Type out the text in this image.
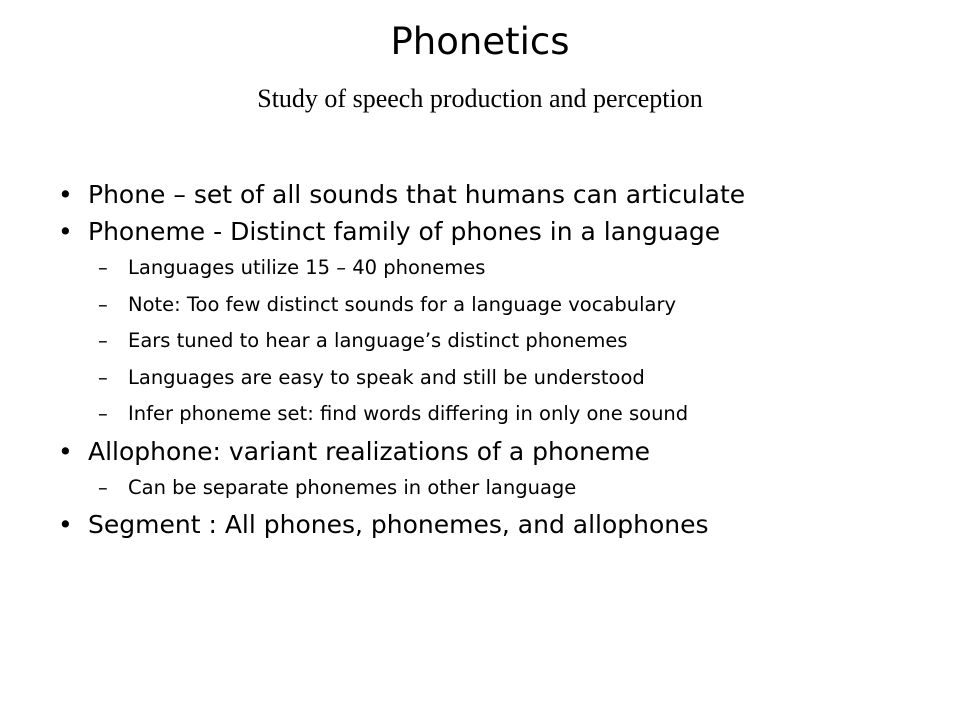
Phonetics
Study of speech production and perception
• Phone – set of all sounds that humans can articulate
• Phoneme - Distinct family of phones in a language
– Languages utilize 15 – 40 phonemes
– Note: Too few distinct sounds for a language vocabulary
– Ears tuned to hear a language’s distinct phonemes
– Languages are easy to speak and still be understood
– Infer phoneme set: find words differing in only one sound
• Allophone: variant realizations of a phoneme
– Can be separate phonemes in other language
• Segment : All phones, phonemes, and allophones
